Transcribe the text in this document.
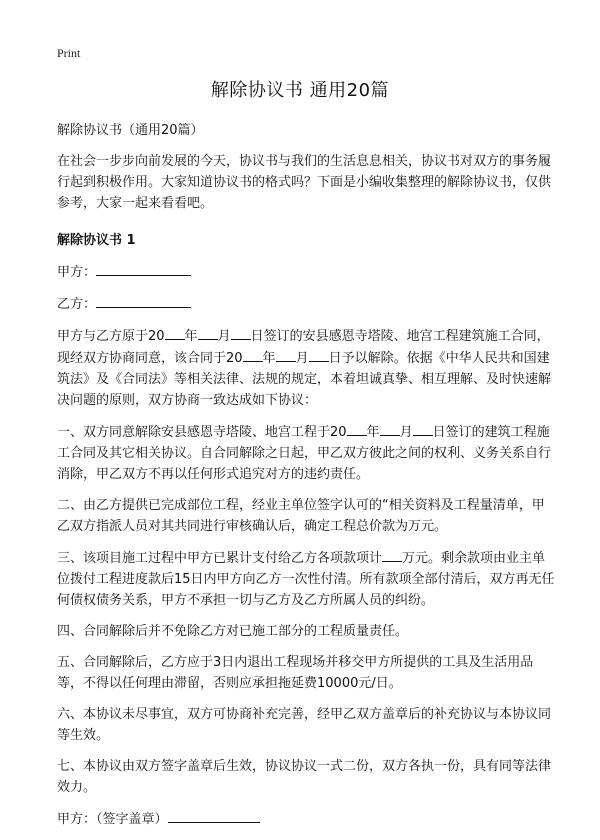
Print
解除协议书 通用20篇

解除协议书（通用20篇）

在社会一步步向前发展的今天，协议书与我们的生活息息相关，协议书对双方的事务履行起到积极作用。大家知道协议书的格式吗？下面是小编收集整理的解除协议书，仅供参考，大家一起来看看吧。

解除协议书 1

甲方：

乙方：

甲方与乙方原于20 年 月 日签订的安县感恩寺塔陵、地宫工程建筑施工合同，现经双方协商同意，该合同于20 年 月 日予以解除。依据《中华人民共和国建筑法》及《合同法》等相关法律、法规的规定，本着坦诚真挚、相互理解、及时快速解决问题的原则，双方协商一致达成如下协议：

一、双方同意解除安县感恩寺塔陵、地宫工程于20 年 月 日签订的建筑工程施工合同及其它相关协议。自合同解除之日起，甲乙双方彼此之间的权利、义务关系自行消除，甲乙双方不再以任何形式追究对方的违约责任。

二、由乙方提供已完成部位工程，经业主单位签字认可的“相关资料及工程量清单，甲乙双方指派人员对其共同进行审核确认后，确定工程总价款为万元。

三、该项目施工过程中甲方已累计支付给乙方各项款项计 万元。剩余款项由业主单位拨付工程进度款后15日内甲方向乙方一次性付清。所有款项全部付清后，双方再无任何债权债务关系，甲方不承担一切与乙方及乙方所属人员的纠纷。

四、合同解除后并不免除乙方对已施工部分的工程质量责任。

五、合同解除后，乙方应于3日内退出工程现场并移交甲方所提供的工具及生活用品等，不得以任何理由滞留，否则应承担拖延费10000元/日。

六、本协议未尽事宜，双方可协商补充完善，经甲乙双方盖章后的补充协议与本协议同等生效。

七、本协议由双方签字盖章后生效，协议协议一式二份，双方各执一份，具有同等法律效力。

甲方：（签字盖章）
